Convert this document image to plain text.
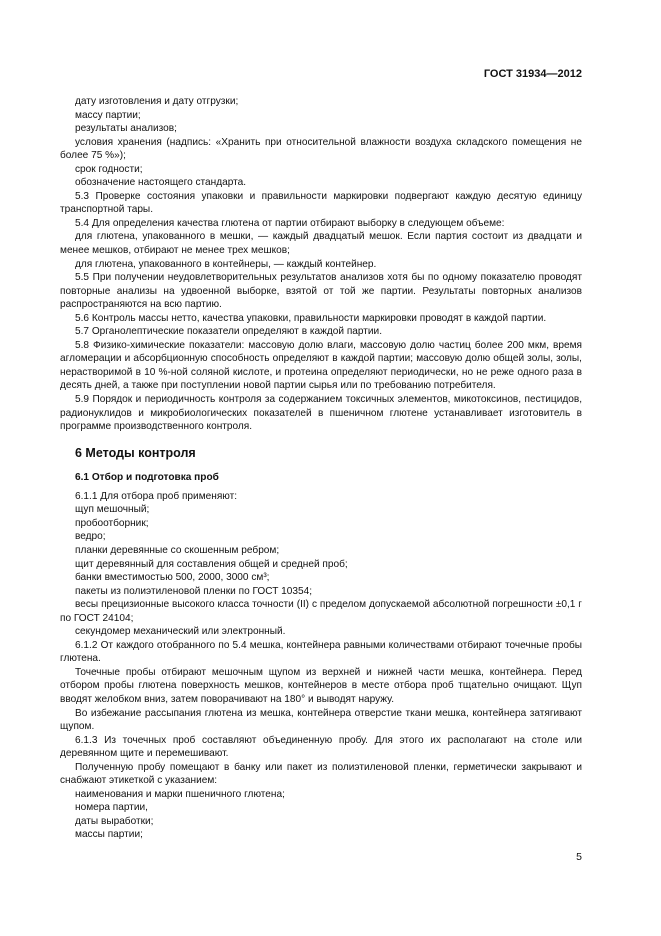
ГОСТ 31934—2012

дату изготовления и дату отгрузки;

массу партии;

результаты анализов;

условия хранения (надпись: «Хранить при относительной влажности воздуха складского помещения не более 75 %»);

срок годности;

обозначение настоящего стандарта.

5.3 Проверке состояния упаковки и правильности маркировки подвергают каждую десятую единицу транспортной тары.

5.4 Для определения качества глютена от партии отбирают выборку в следующем объеме:

для глютена, упакованного в мешки, — каждый двадцатый мешок. Если партия состоит из двадцати и менее мешков, отбирают не менее трех мешков;

для глютена, упакованного в контейнеры, — каждый контейнер.

5.5 При получении неудовлетворительных результатов анализов хотя бы по одному показателю проводят повторные анализы на удвоенной выборке, взятой от той же партии. Результаты повторных анализов распространяются на всю партию.

5.6 Контроль массы нетто, качества упаковки, правильности маркировки проводят в каждой партии.

5.7 Органолептические показатели определяют в каждой партии.

5.8 Физико-химические показатели: массовую долю влаги, массовую долю частиц более 200 мкм, время агломерации и абсорбционную способность определяют в каждой партии; массовую долю общей золы, золы, нерастворимой в 10 %-ной соляной кислоте, и протеина определяют периодически, но не реже одного раза в десять дней, а также при поступлении новой партии сырья или по требованию потребителя.

5.9 Порядок и периодичность контроля за содержанием токсичных элементов, микотоксинов, пестицидов, радионуклидов и микробиологических показателей в пшеничном глютене устанавливает изготовитель в программе производственного контроля.

6 Методы контроля
6.1 Отбор и подготовка проб

6.1.1 Для отбора проб применяют:

щуп мешочный;

пробоотборник;

ведро;

планки деревянные со скошенным ребром;

щит деревянный для составления общей и средней проб;

банки вместимостью 500, 2000, 3000 см³;

пакеты из полиэтиленовой пленки по ГОСТ 10354;

весы прецизионные высокого класса точности (II) с пределом допускаемой абсолютной погрешности ±0,1 г по ГОСТ 24104;

секундомер механический или электронный.

6.1.2 От каждого отобранного по 5.4 мешка, контейнера равными количествами отбирают точечные пробы глютена.

Точечные пробы отбирают мешочным щупом из верхней и нижней части мешка, контейнера. Перед отбором пробы глютена поверхность мешков, контейнеров в месте отбора проб тщательно очищают. Щуп вводят желобком вниз, затем поворачивают на 180° и выводят наружу.

Во избежание рассыпания глютена из мешка, контейнера отверстие ткани мешка, контейнера затягивают щупом.

6.1.3 Из точечных проб составляют объединенную пробу. Для этого их располагают на столе или деревянном щите и перемешивают.

Полученную пробу помещают в банку или пакет из полиэтиленовой пленки, герметически закрывают и снабжают этикеткой с указанием:

наименования и марки пшеничного глютена;

номера партии,

даты выработки;

массы партии;

5
